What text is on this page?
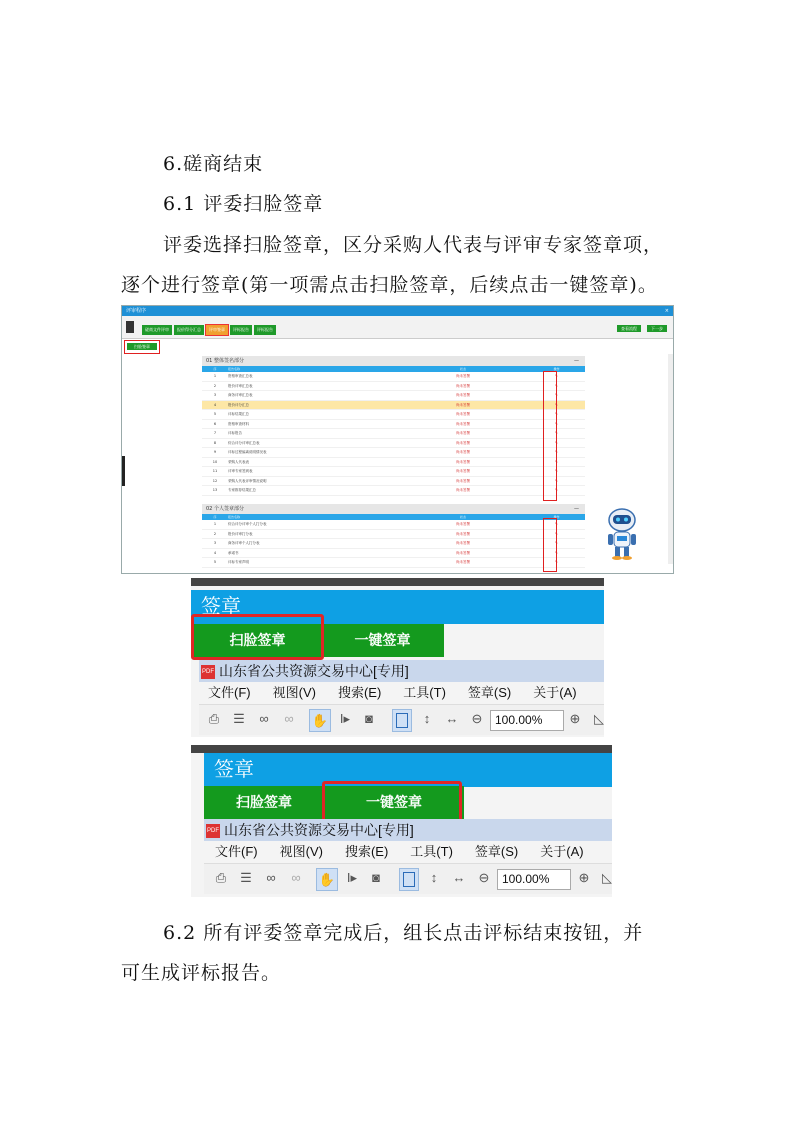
6.磋商结束
6.1 评委扫脸签章
评委选择扫脸签章，区分采购人代表与评审专家签章项，
逐个进行签章(第一项需点击扫脸签章，后续点击一键签章)。
评审程序	×
磋商文件评审	报价得分汇总	评审签章	评标报告	评标报告	查看流程	下一步
扫脸签章
01 整体签名部分	—
序	报告名称	状态	操作
1	资格审查汇总表	尚未签署	✎
2	报价评审汇总表	尚未签署	✎
3	商务评审汇总表	尚未签署	✎
4	报价评分汇总	尚未签署	✎
5	评标结果汇总	尚未签署	✎
6	资格审查材料	尚未签署	✎
7	评标报告	尚未签署	✎
8	综合评分评审汇总表	尚未签署	✎
9	评标过程偏离说明情况表	尚未签署	✎
10	采购人代表表	尚未签署	✎
11	评审专家签到表	尚未签署	✎
12	采购人代表评审情况说明	尚未签署	✎
13	专家推荐结果汇总	尚未签署	✎
02 个人签章部分	—
序	报告名称	状态	操作
1	综合评分评审个人打分表	尚未签署	✎
2	报价评审打分表	尚未签署	✎
3	商务评审个人打分表	尚未签署	✎
4	承诺书	尚未签署	✎
5	评标专家声明	尚未签署	✎
签章
扫脸签章	一键签章
PDF 山东省公共资源交易中心[专用]
文件(F) 视图(V) 搜索(E) 工具(T) 签章(S) 关于(A)
⎙ ☰ ∞ ∞ ✋ I▸ ◙	↕ ↔ ⊖	100.00%	⊕ ◺
签章
扫脸签章	一键签章
PDF 山东省公共资源交易中心[专用]
文件(F) 视图(V) 搜索(E) 工具(T) 签章(S) 关于(A)
⎙ ☰ ∞ ∞ ✋ I▸ ◙	↕ ↔ ⊖	100.00%	⊕ ◺
6.2 所有评委签章完成后，组长点击评标结束按钮，并
可生成评标报告。
